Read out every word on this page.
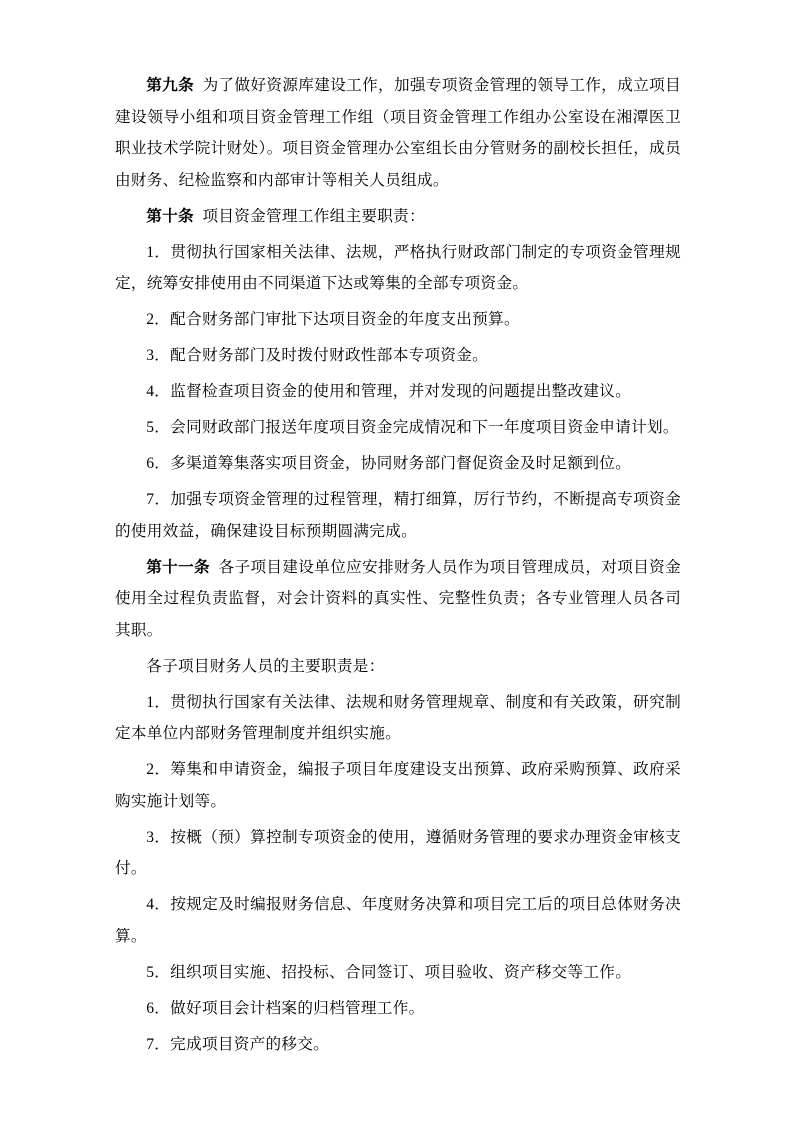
第九条 为了做好资源库建设工作，加强专项资金管理的领导工作，成立项目建设领导小组和项目资金管理工作组（项目资金管理工作组办公室设在湘潭医卫职业技术学院计财处）。项目资金管理办公室组长由分管财务的副校长担任，成员由财务、纪检监察和内部审计等相关人员组成。

第十条 项目资金管理工作组主要职责：

1．贯彻执行国家相关法律、法规，严格执行财政部门制定的专项资金管理规定，统筹安排使用由不同渠道下达或筹集的全部专项资金。

2．配合财务部门审批下达项目资金的年度支出预算。

3．配合财务部门及时拨付财政性部本专项资金。

4．监督检查项目资金的使用和管理，并对发现的问题提出整改建议。

5．会同财政部门报送年度项目资金完成情况和下一年度项目资金申请计划。

6．多渠道筹集落实项目资金，协同财务部门督促资金及时足额到位。

7．加强专项资金管理的过程管理，精打细算，厉行节约，不断提高专项资金的使用效益，确保建设目标预期圆满完成。

第十一条 各子项目建设单位应安排财务人员作为项目管理成员，对项目资金使用全过程负责监督，对会计资料的真实性、完整性负责；各专业管理人员各司其职。

各子项目财务人员的主要职责是：

1．贯彻执行国家有关法律、法规和财务管理规章、制度和有关政策，研究制定本单位内部财务管理制度并组织实施。

2．筹集和申请资金，编报子项目年度建设支出预算、政府采购预算、政府采购实施计划等。

3．按概（预）算控制专项资金的使用，遵循财务管理的要求办理资金审核支付。

4．按规定及时编报财务信息、年度财务决算和项目完工后的项目总体财务决算。

5．组织项目实施、招投标、合同签订、项目验收、资产移交等工作。

6．做好项目会计档案的归档管理工作。

7．完成项目资产的移交。
